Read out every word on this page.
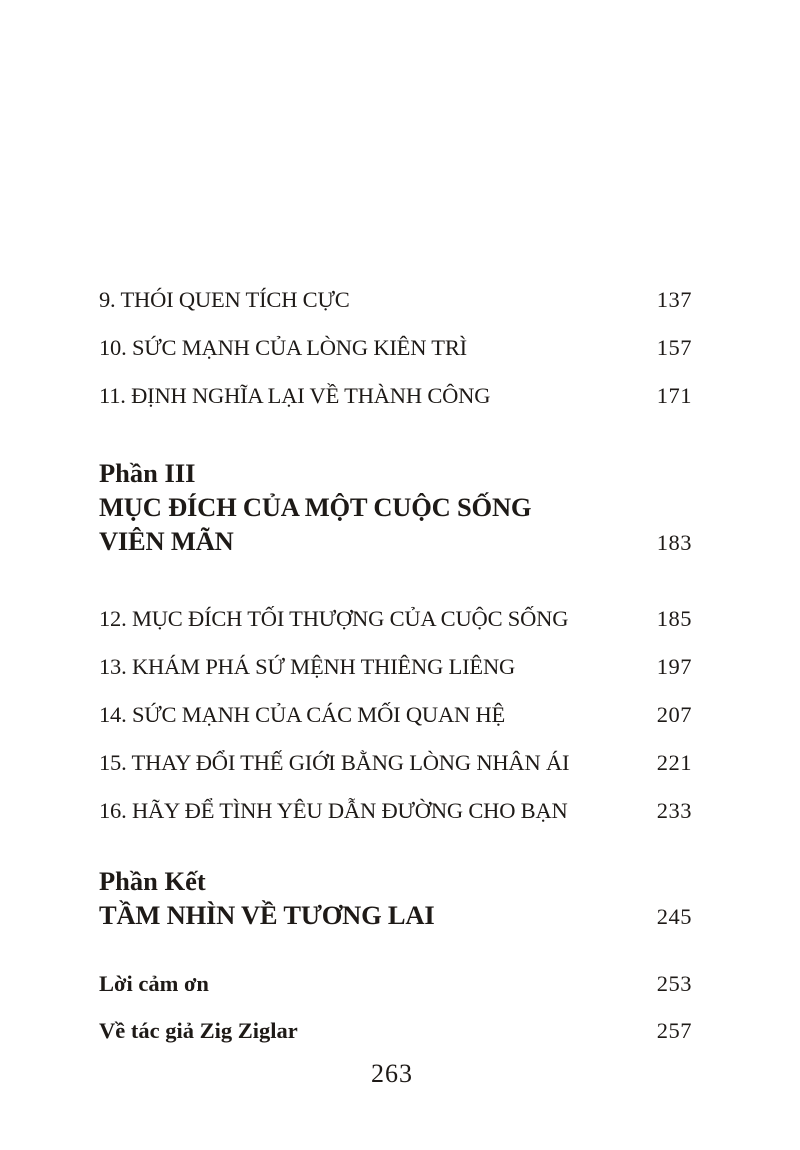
9. THÓI QUEN TÍCH CỰC	137
10. SỨC MẠNH CỦA LÒNG KIÊN TRÌ	157
11. ĐỊNH NGHĨA LẠI VỀ THÀNH CÔNG	171
Phần III
MỤC ĐÍCH CỦA MỘT CUỘC SỐNG
VIÊN MÃN	183
12. MỤC ĐÍCH TỐI THƯỢNG CỦA CUỘC SỐNG	185
13. KHÁM PHÁ SỨ MỆNH THIÊNG LIÊNG	197
14. SỨC MẠNH CỦA CÁC MỐI QUAN HỆ	207
15. THAY ĐỔI THẾ GIỚI BẰNG LÒNG NHÂN ÁI	221
16. HÃY ĐỂ TÌNH YÊU DẪN ĐƯỜNG CHO BẠN	233
Phần Kết
TẦM NHÌN VỀ TƯƠNG LAI	245
Lời cảm ơn	253
Về tác giả Zig Ziglar	257
263
